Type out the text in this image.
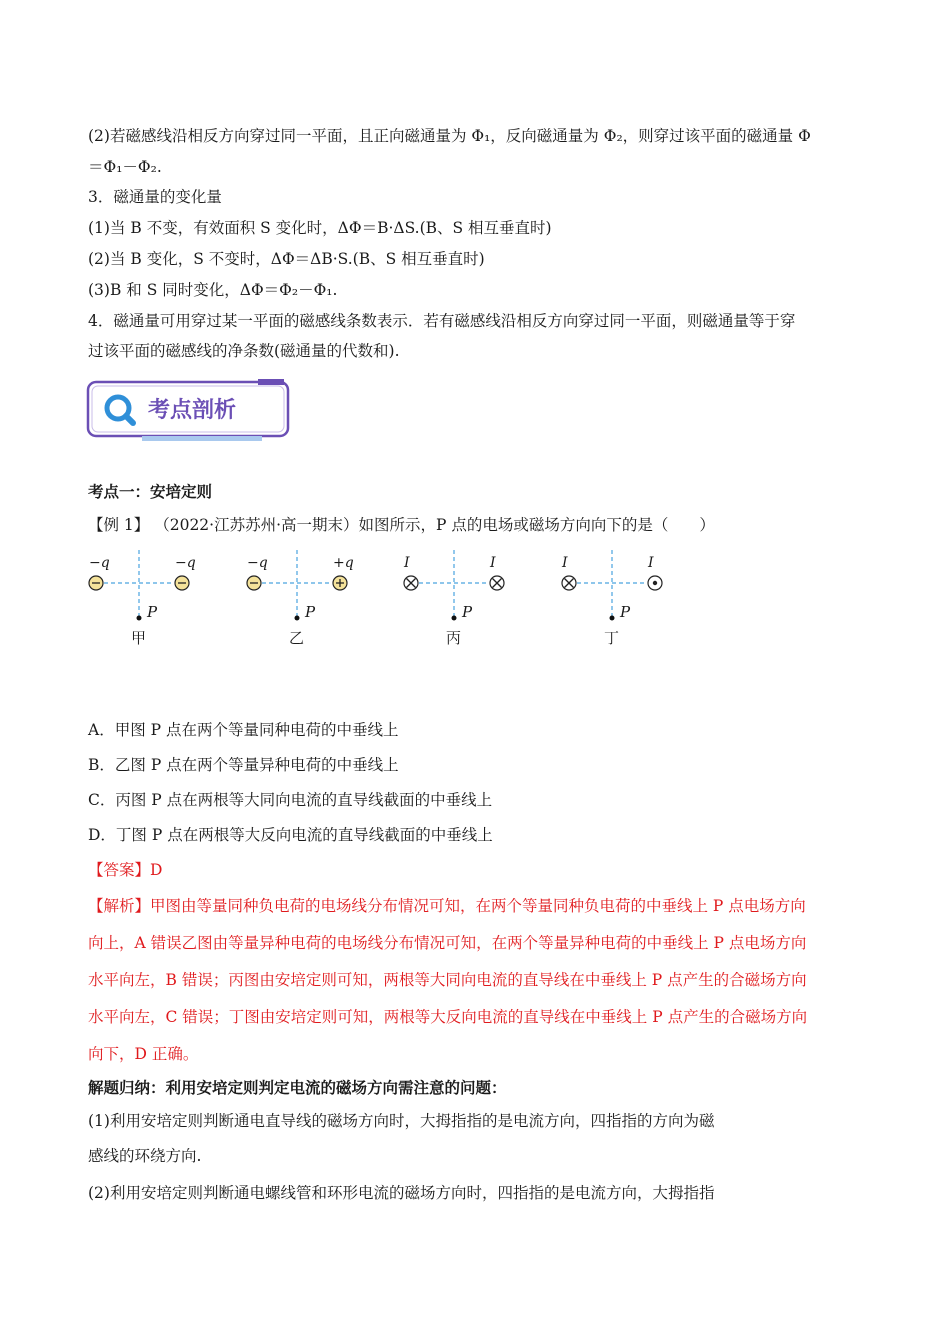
(2)若磁感线沿相反方向穿过同一平面，且正向磁通量为 Φ₁，反向磁通量为 Φ₂，则穿过该平面的磁通量 Φ
＝Φ₁－Φ₂.
3．磁通量的变化量
(1)当 B 不变，有效面积 S 变化时，ΔΦ＝B·ΔS.(B、S 相互垂直时)
(2)当 B 变化，S 不变时，ΔΦ＝ΔB·S.(B、S 相互垂直时)
(3)B 和 S 同时变化，ΔΦ＝Φ₂－Φ₁.
4．磁通量可用穿过某一平面的磁感线条数表示．若有磁感线沿相反方向穿过同一平面，则磁通量等于穿
过该平面的磁感线的净条数(磁通量的代数和).
考点剖析
考点一：安培定则
【例 1】 （2022·江苏苏州·高一期末）如图所示，P 点的电场或磁场方向向下的是（　　）
−q	−q
P
甲
−q	+q
P
乙
I	I
P
丙
I	I
P
丁
A．甲图 P 点在两个等量同种电荷的中垂线上
B．乙图 P 点在两个等量异种电荷的中垂线上
C．丙图 P 点在两根等大同向电流的直导线截面的中垂线上
D．丁图 P 点在两根等大反向电流的直导线截面的中垂线上
【答案】D
【解析】甲图由等量同种负电荷的电场线分布情况可知，在两个等量同种负电荷的中垂线上 P 点电场方向
向上，A 错误乙图由等量异种电荷的电场线分布情况可知，在两个等量异种电荷的中垂线上 P 点电场方向
水平向左，B 错误；丙图由安培定则可知，两根等大同向电流的直导线在中垂线上 P 点产生的合磁场方向
水平向左，C 错误；丁图由安培定则可知，两根等大反向电流的直导线在中垂线上 P 点产生的合磁场方向
向下，D 正确。
解题归纳：利用安培定则判定电流的磁场方向需注意的问题：
(1)利用安培定则判断通电直导线的磁场方向时，大拇指指的是电流方向，四指指的方向为磁
感线的环绕方向.
(2)利用安培定则判断通电螺线管和环形电流的磁场方向时，四指指的是电流方向，大拇指指
